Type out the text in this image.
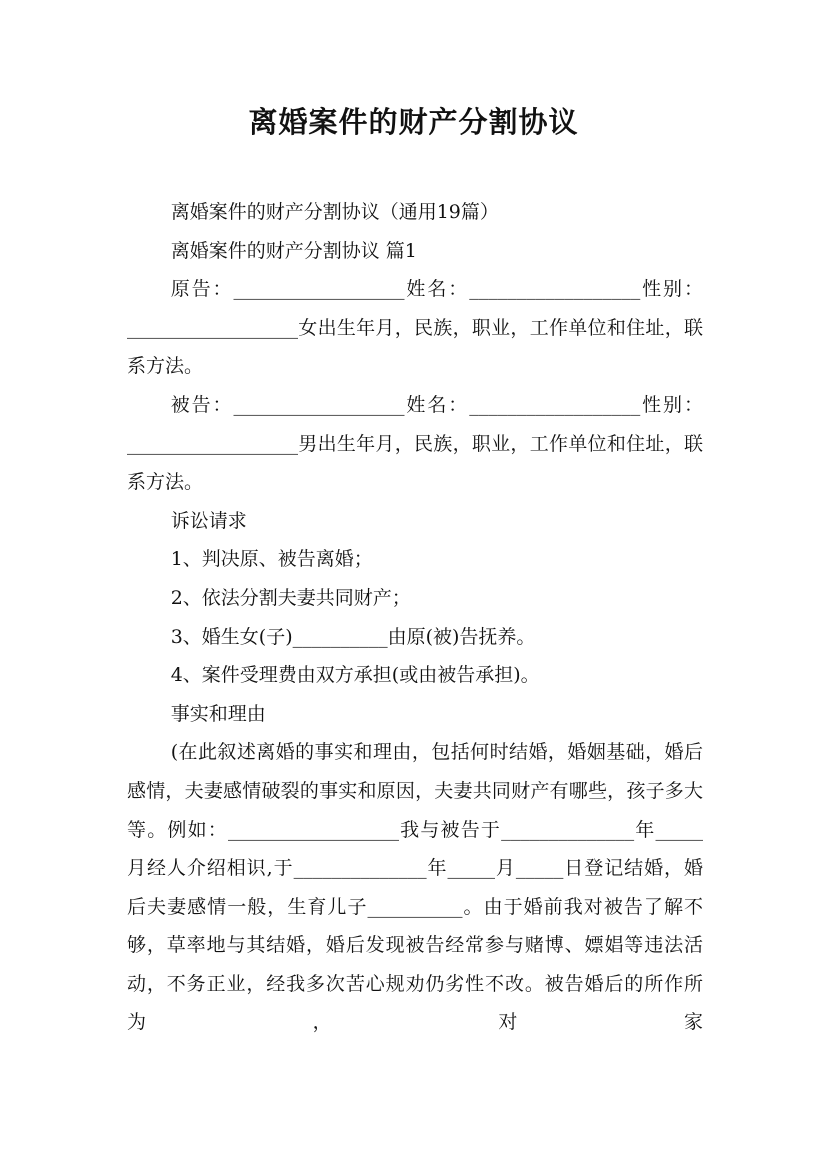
离婚案件的财产分割协议

离婚案件的财产分割协议（通用19篇）

离婚案件的财产分割协议 篇1

原告：__________________姓名：__________________性别：__________________女出生年月，民族，职业，工作单位和住址，联系方法。

被告：__________________姓名：__________________性别：__________________男出生年月，民族，职业，工作单位和住址，联系方法。

诉讼请求

1、判决原、被告离婚；

2、依法分割夫妻共同财产；

3、婚生女(子)__________由原(被)告抚养。

4、案件受理费由双方承担(或由被告承担)。

事实和理由

(在此叙述离婚的事实和理由，包括何时结婚，婚姻基础，婚后感情，夫妻感情破裂的事实和原因，夫妻共同财产有哪些，孩子多大等。例如：__________________我与被告于______________年_____月经人介绍相识,于______________年_____月_____日登记结婚，婚后夫妻感情一般，生育儿子__________。由于婚前我对被告了解不够，草率地与其结婚，婚后发现被告经常参与赌博、嫖娼等违法活动，不务正业，经我多次苦心规劝仍劣性不改。被告婚后的所作所为，对家
